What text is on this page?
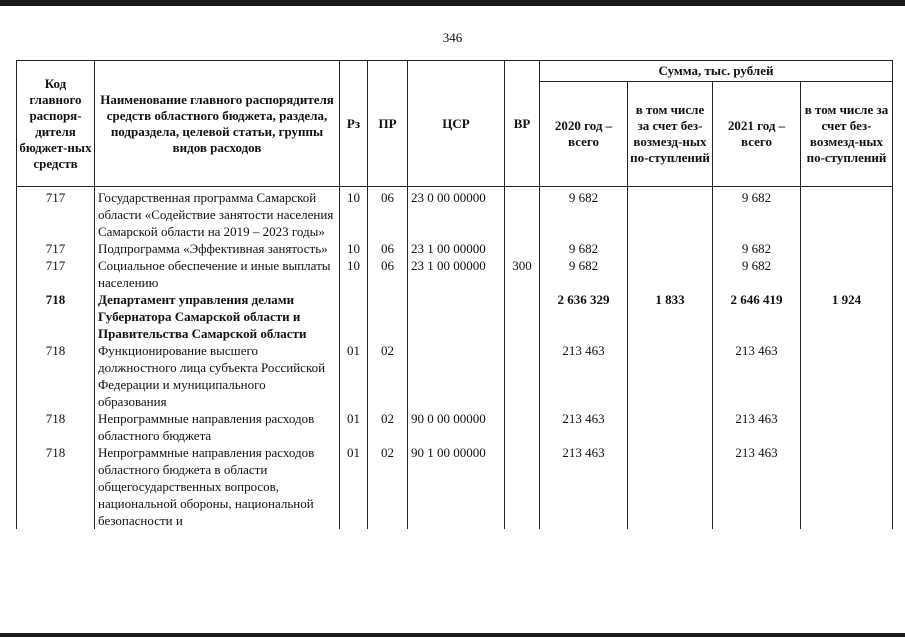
346
Код главного распоря-дителя бюджет-ных средств	Наименование главного распорядителя средств областного бюджета, раздела, подраздела, целевой статьи, группы видов расходов	Рз	ПР	ЦСР	ВР	Сумма, тыс. рублей			
						2020 год – всего	в том числе за счет без-возмезд-ных по-ступлений	2021 год – всего	в том числе за счет без-возмезд-ных по-ступлений
717	Государственная программа Самарской области «Содействие занятости населения Самарской области на 2019 – 2023 годы»	10	06	23 0 00 00000		9 682		9 682	
717	Подпрограмма «Эффективная занятость»	10	06	23 1 00 00000		9 682		9 682	
717	Социальное обеспечение и иные выплаты населению	10	06	23 1 00 00000	300	9 682		9 682	
718	Департамент управления делами Губернатора Самарской области и Правительства Самарской области					2 636 329	1 833	2 646 419	1 924
718	Функционирование высшего должностного лица субъекта Российской Федерации и муниципального образования	01	02			213 463		213 463	
718	Непрограммные направления расходов областного бюджета	01	02	90 0 00 00000		213 463		213 463	
718	Непрограммные направления расходов областного бюджета в области общегосударственных вопросов, национальной обороны, национальной безопасности и	01	02	90 1 00 00000		213 463		213 463	
